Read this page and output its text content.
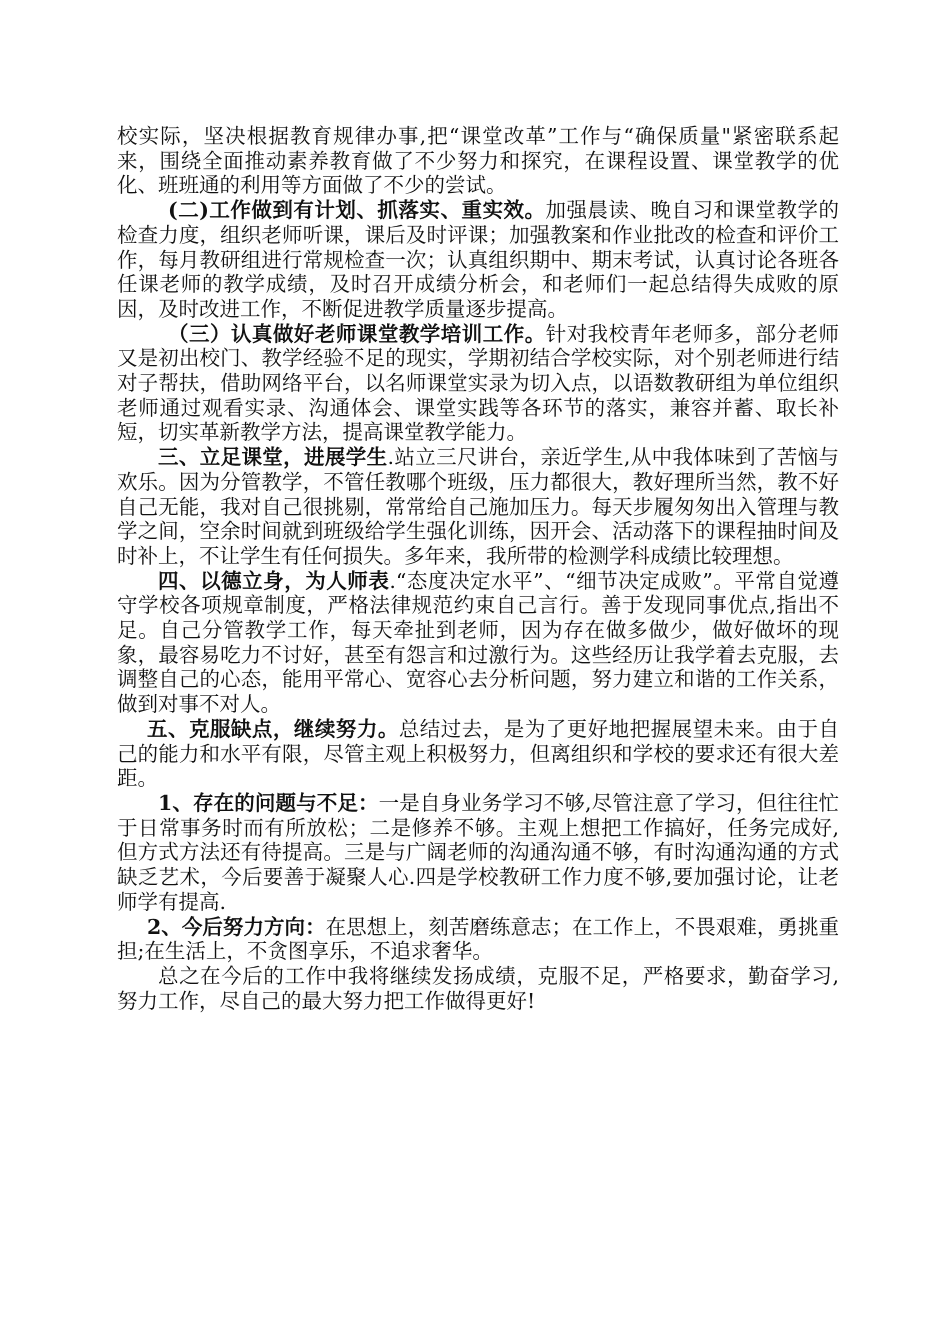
校实际，坚决根据教育规律办事,把“课堂改革”工作与“确保质量"紧密联系起来，围绕全面推动素养教育做了不少努力和探究，在课程设置、课堂教学的优化、班班通的利用等方面做了不少的尝试。

(二)工作做到有计划、抓落实、重实效。加强晨读、晚自习和课堂教学的检查力度，组织老师听课，课后及时评课；加强教案和作业批改的检查和评价工作，每月教研组进行常规检查一次；认真组织期中、期末考试，认真讨论各班各任课老师的教学成绩，及时召开成绩分析会，和老师们一起总结得失成败的原因，及时改进工作，不断促进教学质量逐步提高。

（三）认真做好老师课堂教学培训工作。针对我校青年老师多，部分老师又是初出校门、教学经验不足的现实，学期初结合学校实际，对个别老师进行结对子帮扶，借助网络平台，以名师课堂实录为切入点，以语数教研组为单位组织老师通过观看实录、沟通体会、课堂实践等各环节的落实，兼容并蓄、取长补短，切实革新教学方法，提高课堂教学能力。

三、立足课堂，进展学生.站立三尺讲台，亲近学生,从中我体味到了苦恼与欢乐。因为分管教学，不管任教哪个班级，压力都很大，教好理所当然，教不好自己无能，我对自己很挑剔，常常给自己施加压力。每天步履匆匆出入管理与教学之间，空余时间就到班级给学生强化训练，因开会、活动落下的课程抽时间及时补上，不让学生有任何损失。多年来，我所带的检测学科成绩比较理想。

四、以德立身，为人师表.“态度决定水平”、“细节决定成败”。平常自觉遵守学校各项规章制度，严格法律规范约束自己言行。善于发现同事优点,指出不足。自己分管教学工作，每天牵扯到老师，因为存在做多做少，做好做坏的现象，最容易吃力不讨好，甚至有怨言和过激行为。这些经历让我学着去克服，去调整自己的心态，能用平常心、宽容心去分析问题，努力建立和谐的工作关系，做到对事不对人。

五、克服缺点，继续努力。总结过去，是为了更好地把握展望未来。由于自己的能力和水平有限，尽管主观上积极努力，但离组织和学校的要求还有很大差距。

1、存在的问题与不足：一是自身业务学习不够,尽管注意了学习，但往往忙于日常事务时而有所放松；二是修养不够。主观上想把工作搞好，任务完成好,但方式方法还有待提高。三是与广阔老师的沟通沟通不够，有时沟通沟通的方式缺乏艺术，今后要善于凝聚人心.四是学校教研工作力度不够,要加强讨论，让老师学有提高.

2、今后努力方向：在思想上，刻苦磨练意志；在工作上，不畏艰难，勇挑重担;在生活上，不贪图享乐，不追求奢华。

总之在今后的工作中我将继续发扬成绩，克服不足，严格要求，勤奋学习,努力工作，尽自己的最大努力把工作做得更好!
